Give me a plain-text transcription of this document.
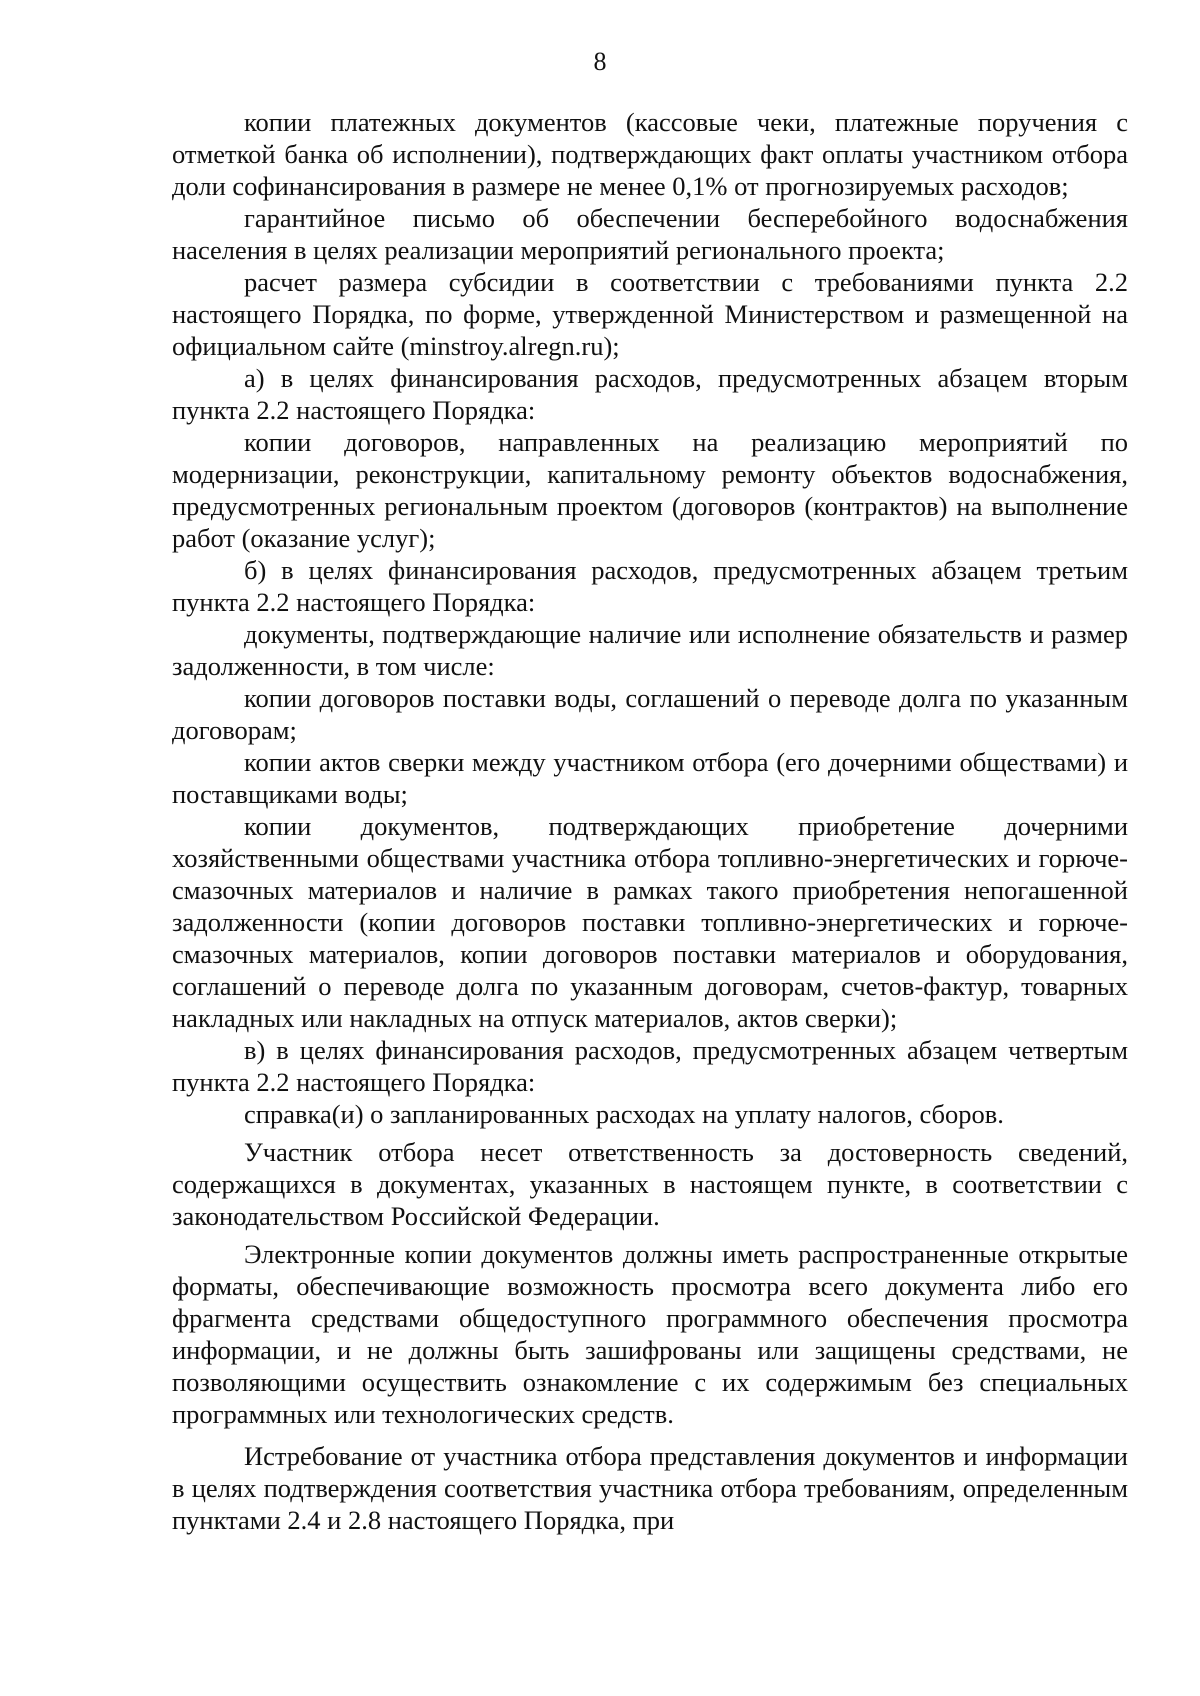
8

копии платежных документов (кассовые чеки, платежные поручения с отметкой банка об исполнении), подтверждающих факт оплаты участником отбора доли софинансирования в размере не менее 0,1% от прогнозируемых расходов;

гарантийное письмо об обеспечении бесперебойного водоснабжения населения в целях реализации мероприятий регионального проекта;

расчет размера субсидии в соответствии с требованиями пункта 2.2 настоящего Порядка, по форме, утвержденной Министерством и размещенной на официальном сайте (minstroy.alregn.ru);

а) в целях финансирования расходов, предусмотренных абзацем вторым пункта 2.2 настоящего Порядка:

копии договоров, направленных на реализацию мероприятий по модернизации, реконструкции, капитальному ремонту объектов водоснабжения, предусмотренных региональным проектом (договоров (контрактов) на выполнение работ (оказание услуг);

б) в целях финансирования расходов, предусмотренных абзацем третьим пункта 2.2 настоящего Порядка:

документы, подтверждающие наличие или исполнение обязательств и размер задолженности, в том числе:

копии договоров поставки воды, соглашений о переводе долга по указанным договорам;

копии актов сверки между участником отбора (его дочерними обществами) и поставщиками воды;

копии документов, подтверждающих приобретение дочерними хозяйственными обществами участника отбора топливно-энергетических и горюче-смазочных материалов и наличие в рамках такого приобретения непогашенной задолженности (копии договоров поставки топливно-энергетических и горюче-смазочных материалов, копии договоров поставки материалов и оборудования, соглашений о переводе долга по указанным договорам, счетов-фактур, товарных накладных или накладных на отпуск материалов, актов сверки);

в) в целях финансирования расходов, предусмотренных абзацем четвертым пункта 2.2 настоящего Порядка:

справка(и) о запланированных расходах на уплату налогов, сборов.

Участник отбора несет ответственность за достоверность сведений, содержащихся в документах, указанных в настоящем пункте, в соответствии с законодательством Российской Федерации.

Электронные копии документов должны иметь распространенные открытые форматы, обеспечивающие возможность просмотра всего документа либо его фрагмента средствами общедоступного программного обеспечения просмотра информации, и не должны быть зашифрованы или защищены средствами, не позволяющими осуществить ознакомление с их содержимым без специальных программных или технологических средств.

Истребование от участника отбора представления документов и информации в целях подтверждения соответствия участника отбора требованиям, определенным пунктами 2.4 и 2.8 настоящего Порядка, при
